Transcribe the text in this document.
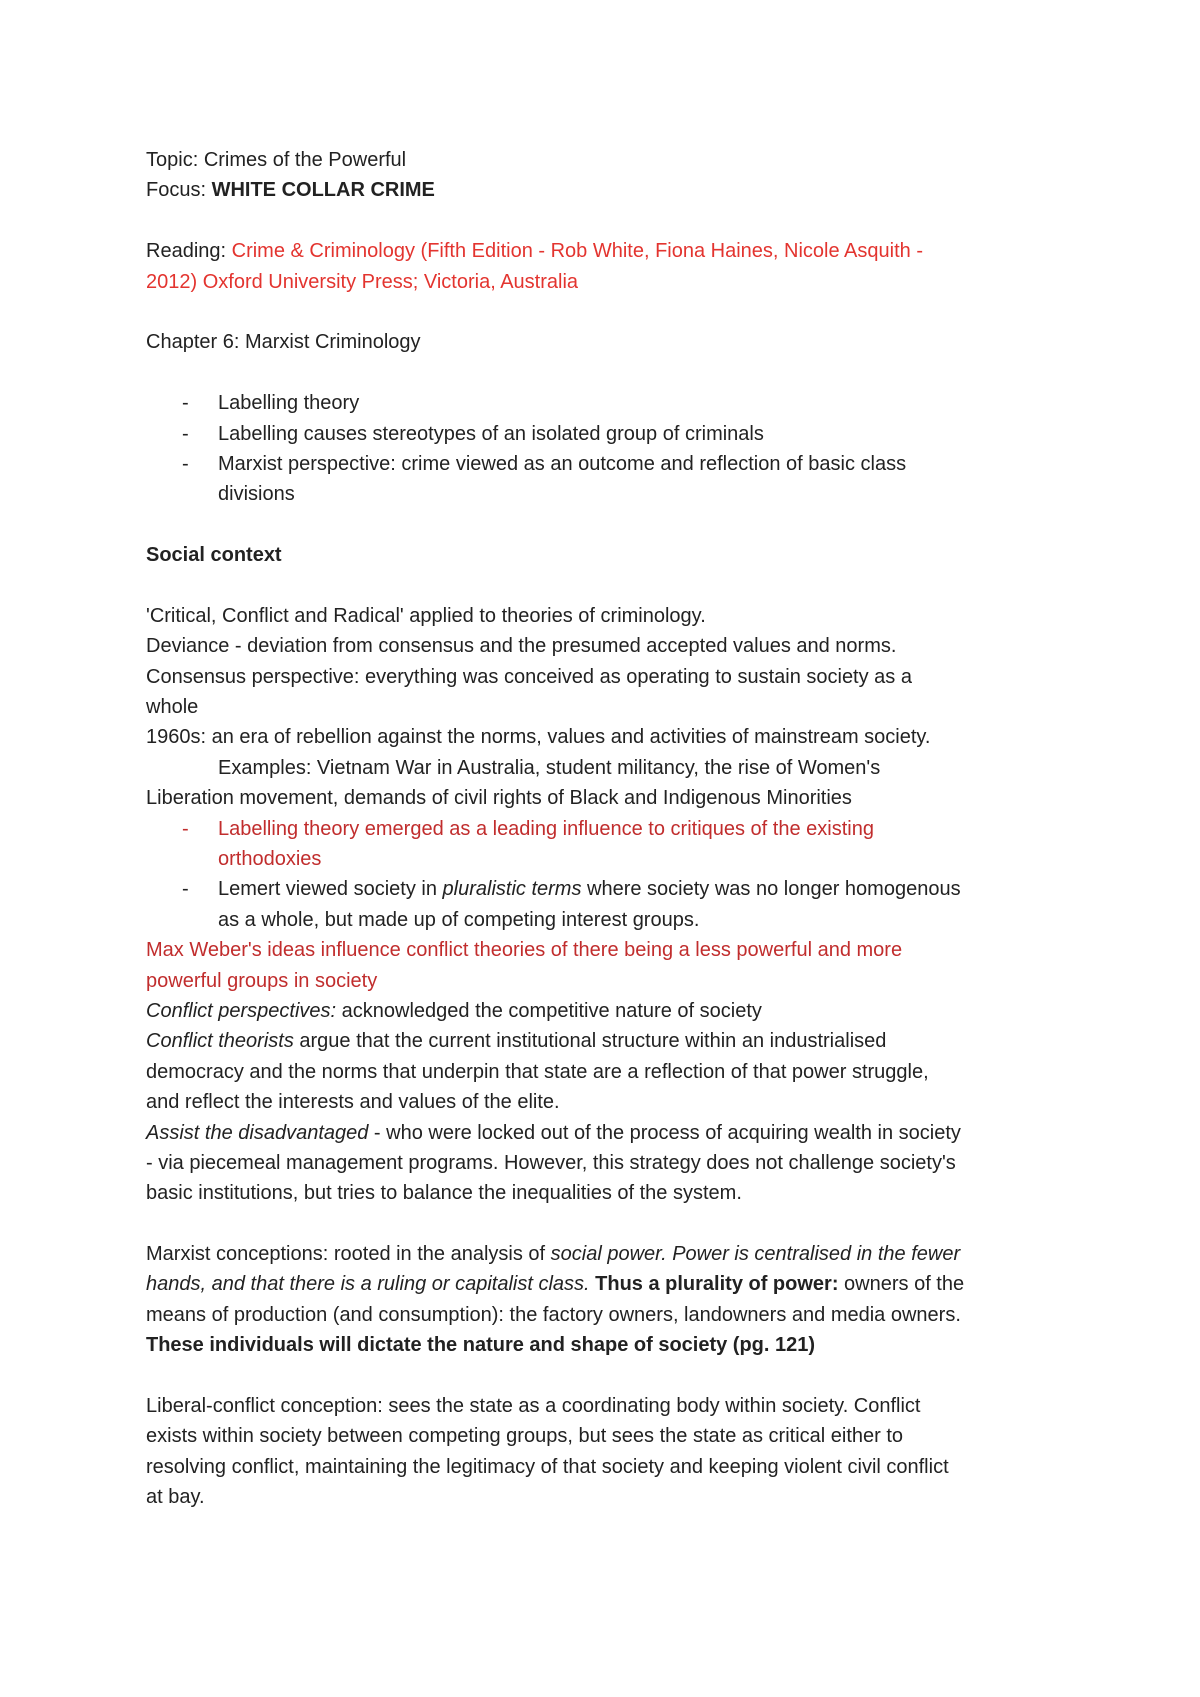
Topic: Crimes of the Powerful
Focus: WHITE COLLAR CRIME
Reading: Crime & Criminology (Fifth Edition - Rob White, Fiona Haines, Nicole Asquith -
2012) Oxford University Press; Victoria, Australia
Chapter 6: Marxist Criminology
- Labelling theory
- Labelling causes stereotypes of an isolated group of criminals
- Marxist perspective: crime viewed as an outcome and reflection of basic class
divisions
Social context
'Critical, Conflict and Radical' applied to theories of criminology.
Deviance - deviation from consensus and the presumed accepted values and norms.
Consensus perspective: everything was conceived as operating to sustain society as a
whole
1960s: an era of rebellion against the norms, values and activities of mainstream society.
Examples: Vietnam War in Australia, student militancy, the rise of Women's
Liberation movement, demands of civil rights of Black and Indigenous Minorities
- Labelling theory emerged as a leading influence to critiques of the existing
orthodoxies
- Lemert viewed society in pluralistic terms where society was no longer homogenous
as a whole, but made up of competing interest groups.
Max Weber's ideas influence conflict theories of there being a less powerful and more
powerful groups in society
Conflict perspectives: acknowledged the competitive nature of society
Conflict theorists argue that the current institutional structure within an industrialised
democracy and the norms that underpin that state are a reflection of that power struggle,
and reflect the interests and values of the elite.
Assist the disadvantaged - who were locked out of the process of acquiring wealth in society
- via piecemeal management programs. However, this strategy does not challenge society's
basic institutions, but tries to balance the inequalities of the system.
Marxist conceptions: rooted in the analysis of social power. Power is centralised in the fewer
hands, and that there is a ruling or capitalist class. Thus a plurality of power: owners of the
means of production (and consumption): the factory owners, landowners and media owners.
These individuals will dictate the nature and shape of society (pg. 121)
Liberal-conflict conception: sees the state as a coordinating body within society. Conflict
exists within society between competing groups, but sees the state as critical either to
resolving conflict, maintaining the legitimacy of that society and keeping violent civil conflict
at bay.
